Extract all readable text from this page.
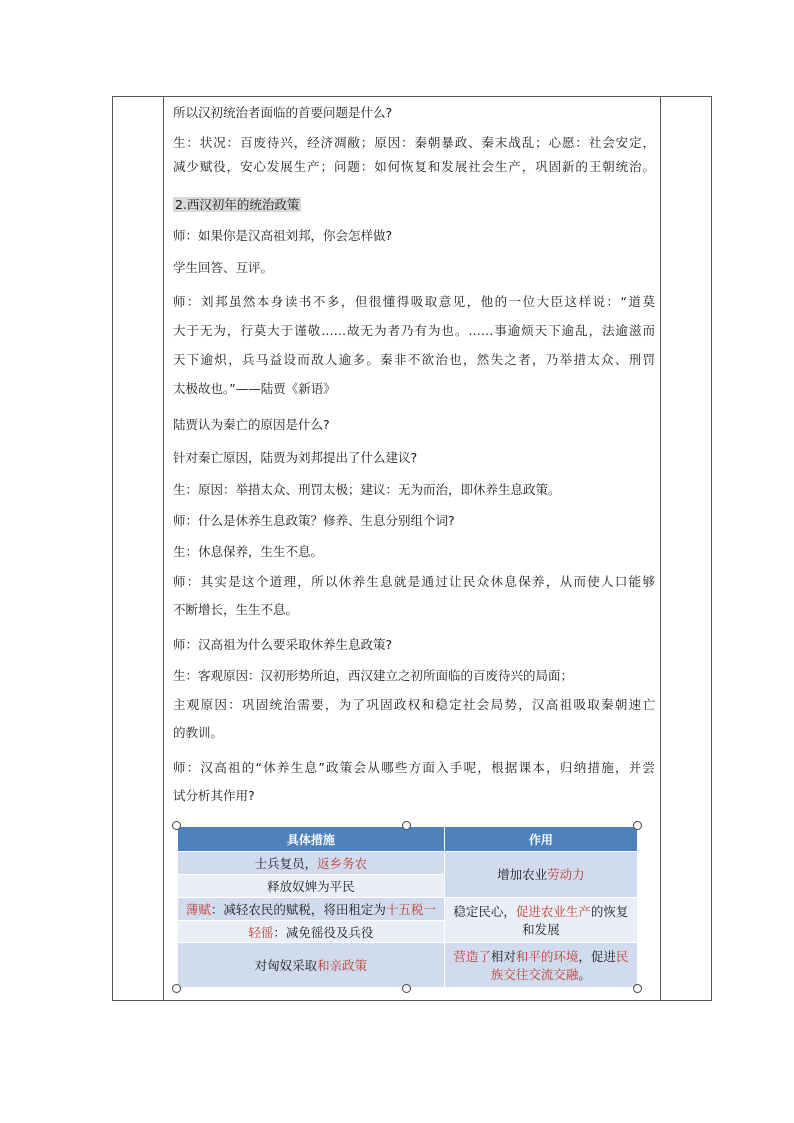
所以汉初统治者面临的首要问题是什么?
生：状况：百废待兴，经济凋敝；原因：秦朝暴政、秦末战乱；心愿：社会安定，
减少赋役，安心发展生产；问题：如何恢复和发展社会生产，巩固新的王朝统治。
2.西汉初年的统治政策
师：如果你是汉高祖刘邦，你会怎样做?
学生回答、互评。
师：刘邦虽然本身读书不多，但很懂得吸取意见，他的一位大臣这样说：“道莫
大于无为，行莫大于谨敬……故无为者乃有为也。……事逾烦天下逾乱，法逾滋而
天下逾炽，兵马益设而敌人逾多。秦非不欲治也，然失之者，乃举措太众、刑罚
太极故也。”——陆贾《新语》
陆贾认为秦亡的原因是什么?
针对秦亡原因，陆贾为刘邦提出了什么建议?
生：原因：举措太众、刑罚太极；建议：无为而治，即休养生息政策。
师：什么是休养生息政策？修养、生息分别组个词?
生：休息保养，生生不息。
师：其实是这个道理，所以休养生息就是通过让民众休息保养，从而使人口能够
不断增长，生生不息。
师：汉高祖为什么要采取休养生息政策?
生：客观原因：汉初形势所迫，西汉建立之初所面临的百废待兴的局面；
主观原因：巩固统治需要，为了巩固政权和稳定社会局势，汉高祖吸取秦朝速亡
的教训。
师：汉高祖的“休养生息”政策会从哪些方面入手呢，根据课本，归纳措施，并尝
试分析其作用?
具体措施	作用
士兵复员，返乡务农	增加农业劳动力
释放奴婢为平民	
薄赋：减轻农民的赋税，将田租定为十五税一	稳定民心，促进农业生产的恢复和发展
轻徭：减免徭役及兵役	
对匈奴采取和亲政策	营造了相对和平的环境，促进民族交往交流交融。
